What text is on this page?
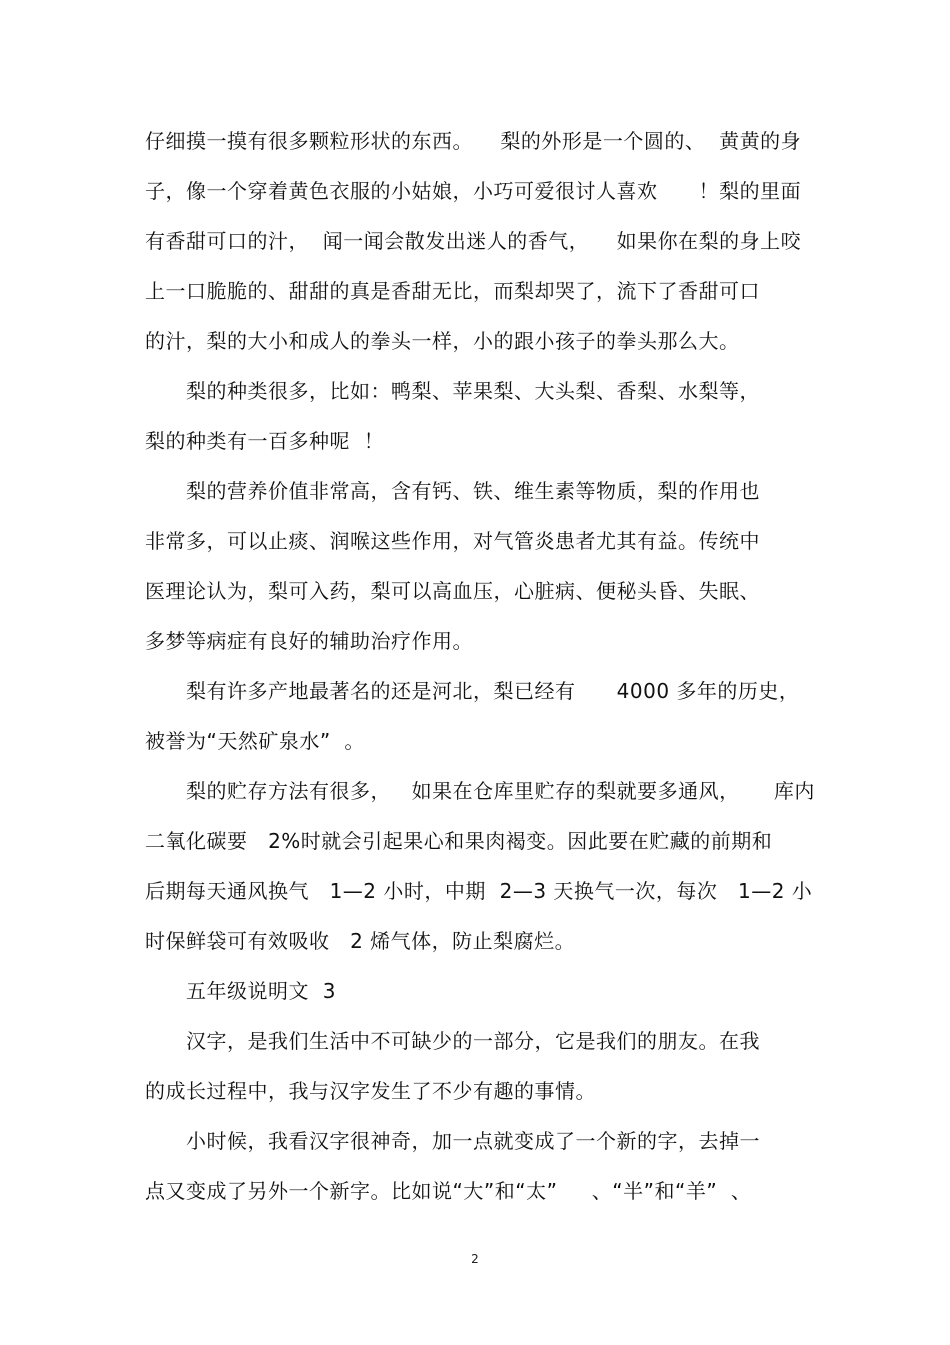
仔细摸一摸有很多颗粒形状的东西。    梨的外形是一个圆的、  黄黄的身
子，像一个穿着黄色衣服的小姑娘，小巧可爱很讨人喜欢      ！梨的里面
有香甜可口的汁，  闻一闻会散发出迷人的香气，    如果你在梨的身上咬
上一口脆脆的、甜甜的真是香甜无比，而梨却哭了，流下了香甜可口
的汁，梨的大小和成人的拳头一样，小的跟小孩子的拳头那么大。
梨的种类很多，比如：鸭梨、苹果梨、大头梨、香梨、水梨等，
梨的种类有一百多种呢  ！
梨的营养价值非常高，含有钙、铁、维生素等物质，梨的作用也
非常多，可以止痰、润喉这些作用，对气管炎患者尤其有益。传统中
医理论认为，梨可入药，梨可以高血压，心脏病、便秘头昏、失眠、
多梦等病症有良好的辅助治疗作用。
梨有许多产地最著名的还是河北，梨已经有      4000 多年的历史，
被誉为“天然矿泉水”  。
梨的贮存方法有很多，   如果在仓库里贮存的梨就要多通风，     库内
二氧化碳要   2%时就会引起果心和果肉褐变。因此要在贮藏的前期和
后期每天通风换气   1—2 小时，中期  2—3 天换气一次，每次   1—2 小
时保鲜袋可有效吸收   2 烯气体，防止梨腐烂。
五年级说明文  3
汉字，是我们生活中不可缺少的一部分，它是我们的朋友。在我
的成长过程中，我与汉字发生了不少有趣的事情。
小时候，我看汉字很神奇，加一点就变成了一个新的字，去掉一
点又变成了另外一个新字。比如说“大”和“太”     、“半”和“羊”  、
2
